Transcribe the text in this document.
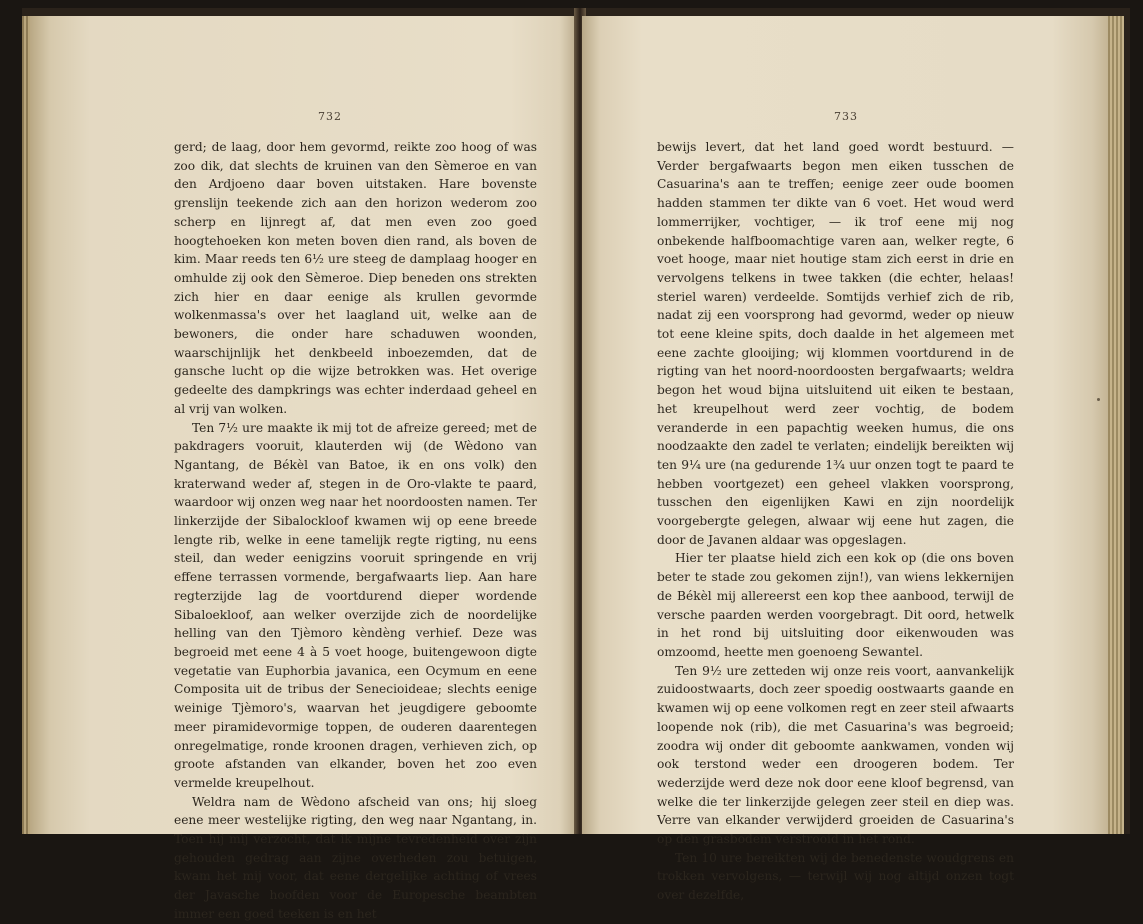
732

gerd; de laag, door hem gevormd, reikte zoo hoog of was zoo dik, dat slechts de kruinen van den Sèmeroe en van den Ardjoeno daar boven uitstaken. Hare bovenste grenslijn teekende zich aan den horizon wederom zoo scherp en lijnregt af, dat men even zoo goed hoogtehoeken kon meten boven dien rand, als boven de kim. Maar reeds ten 6½ ure steeg de damplaag hooger en omhulde zij ook den Sèmeroe. Diep beneden ons strekten zich hier en daar eenige als krullen gevormde wolkenmassa's over het laagland uit, welke aan de bewoners, die onder hare schaduwen woonden, waarschijnlijk het denkbeeld inboezemden, dat de gansche lucht op die wijze betrokken was. Het overige gedeelte des dampkrings was echter inderdaad geheel en al vrij van wolken.

Ten 7½ ure maakte ik mij tot de afreize gereed; met de pakdragers vooruit, klauterden wij (de Wèdono van Ngantang, de Békèl van Batoe, ik en ons volk) den kraterwand weder af, stegen in de Oro-vlakte te paard, waardoor wij onzen weg naar het noordoosten namen. Ter linkerzijde der Sibalockloof kwamen wij op eene breede lengte rib, welke in eene tamelijk regte rigting, nu eens steil, dan weder eenigzins vooruit springende en vrij effene terrassen vormende, bergafwaarts liep. Aan hare regterzijde lag de voortdurend dieper wordende Sibaloekloof, aan welker overzijde zich de noordelijke helling van den Tjèmoro kèndèng verhief. Deze was begroeid met eene 4 à 5 voet hooge, buitengewoon digte vegetatie van Euphorbia javanica, een Ocymum en eene Composita uit de tribus der Senecioideae; slechts eenige weinige Tjèmoro's, waarvan het jeugdigere geboomte meer piramidevormige toppen, de ouderen daarentegen onregelmatige, ronde kroonen dragen, verhieven zich, op groote afstanden van elkander, boven het zoo even vermelde kreupelhout.

Weldra nam de Wèdono afscheid van ons; hij sloeg eene meer westelijke rigting, den weg naar Ngantang, in. Toen hij mij verzocht, dat ik mijne tevredenheid over zijn gehouden gedrag aan zijne overheden zou betuigen, kwam het mij voor, dat eene dergelijke achting of vrees der Javasche hoofden voor de Europesche beambten immer een goed teeken is en het

733

bewijs levert, dat het land goed wordt bestuurd. — Verder bergafwaarts begon men eiken tusschen de Casuarina's aan te treffen; eenige zeer oude boomen hadden stammen ter dikte van 6 voet. Het woud werd lommerrijker, vochtiger, — ik trof eene mij nog onbekende halfboomachtige varen aan, welker regte, 6 voet hooge, maar niet houtige stam zich eerst in drie en vervolgens telkens in twee takken (die echter, helaas! steriel waren) verdeelde. Somtijds verhief zich de rib, nadat zij een voorsprong had gevormd, weder op nieuw tot eene kleine spits, doch daalde in het algemeen met eene zachte glooijing; wij klommen voortdurend in de rigting van het noord-noordoosten bergafwaarts; weldra begon het woud bijna uitsluitend uit eiken te bestaan, het kreupelhout werd zeer vochtig, de bodem veranderde in een papachtig weeken humus, die ons noodzaakte den zadel te verlaten; eindelijk bereikten wij ten 9¼ ure (na gedurende 1¾ uur onzen togt te paard te hebben voortgezet) een geheel vlakken voorsprong, tusschen den eigenlijken Kawi en zijn noordelijk voorgebergte gelegen, alwaar wij eene hut zagen, die door de Javanen aldaar was opgeslagen.

Hier ter plaatse hield zich een kok op (die ons boven beter te stade zou gekomen zijn!), van wiens lekkernijen de Békèl mij allereerst een kop thee aanbood, terwijl de versche paarden werden voorgebragt. Dit oord, hetwelk in het rond bij uitsluiting door eikenwouden was omzoomd, heette men goenoeng Sewantel.

Ten 9½ ure zetteden wij onze reis voort, aanvankelijk zuidoostwaarts, doch zeer spoedig oostwaarts gaande en kwamen wij op eene volkomen regt en zeer steil afwaarts loopende nok (rib), die met Casuarina's was begroeid; zoodra wij onder dit geboomte aankwamen, vonden wij ook terstond weder een droogeren bodem. Ter wederzijde werd deze nok door eene kloof begrensd, van welke die ter linkerzijde gelegen zeer steil en diep was. Verre van elkander verwijderd groeiden de Casuarina's op den grasbodem verstrooid in het rond.

Ten 10 ure bereikten wij de benedenste woudgrens en trokken vervolgens, — terwijl wij nog altijd onzen togt over dezelfde,
